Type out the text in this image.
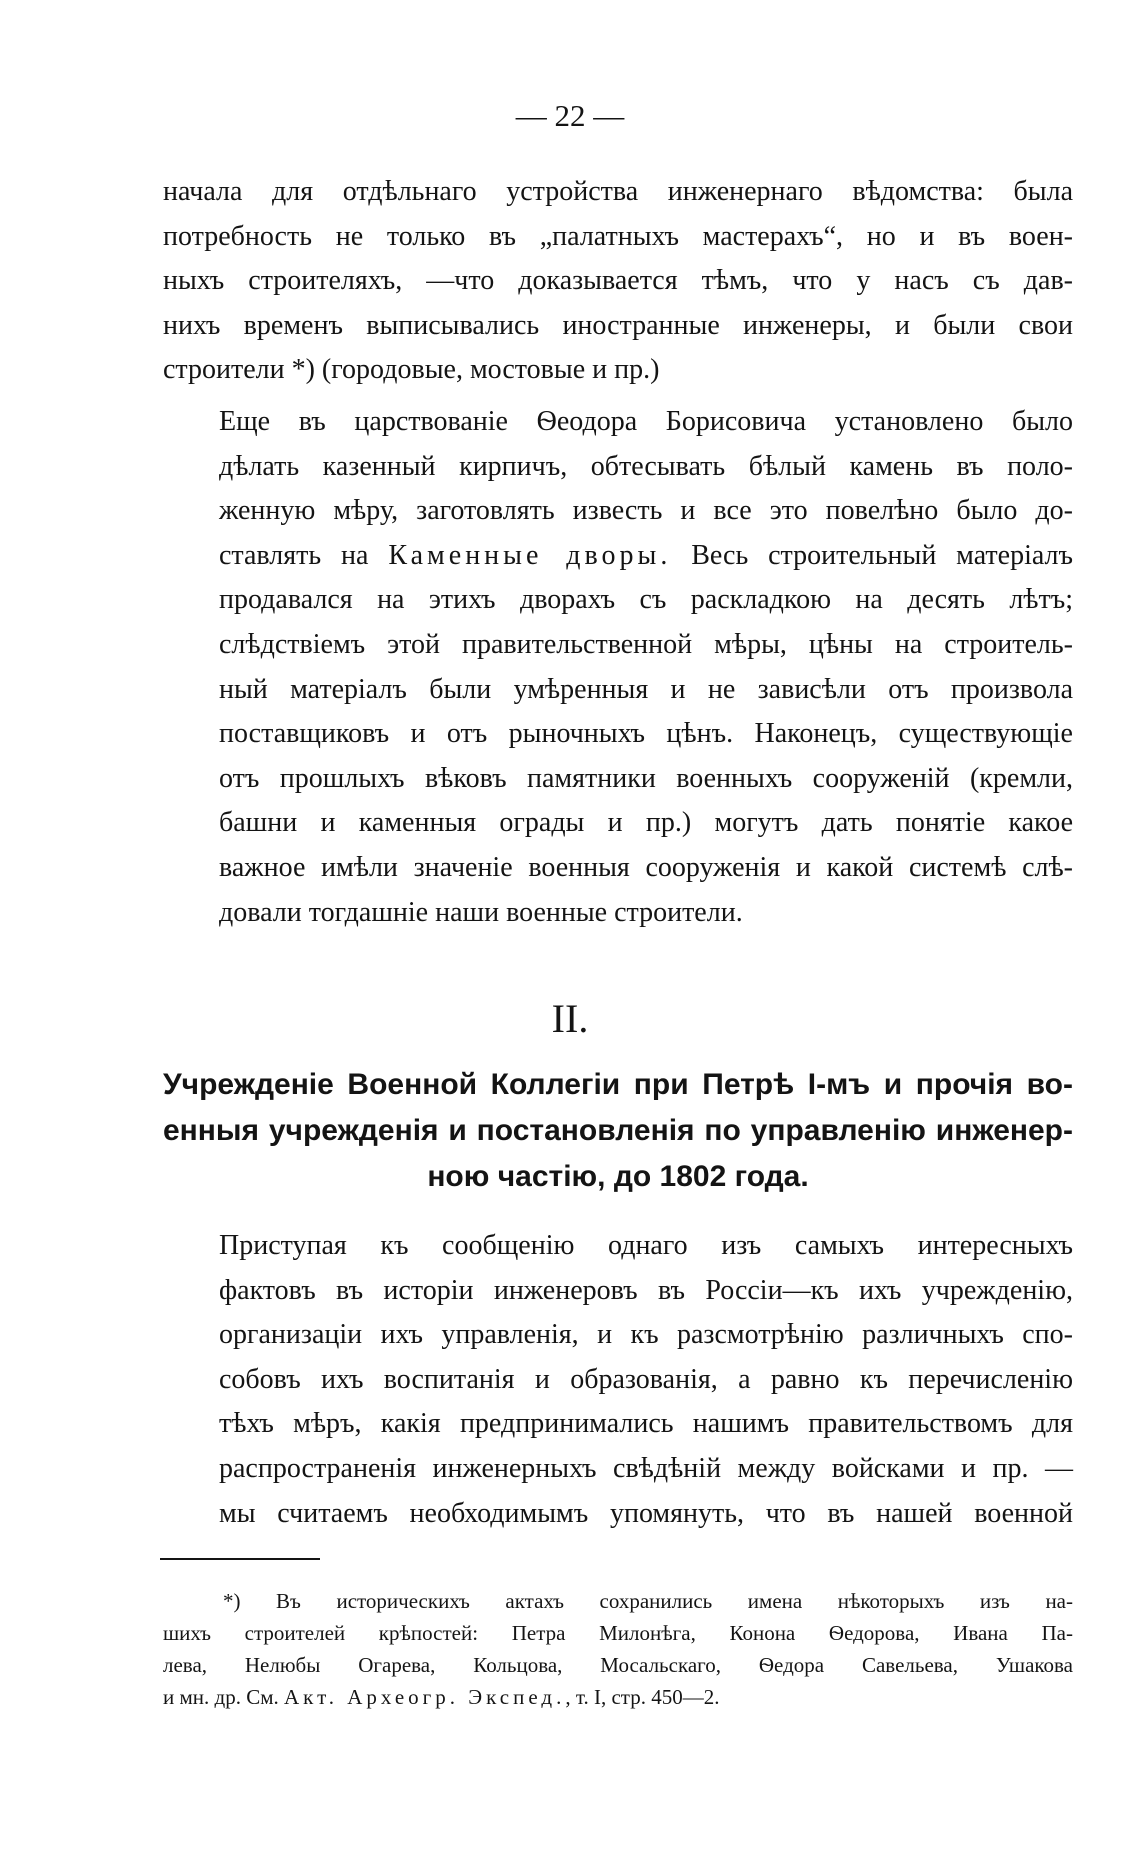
— 22 —
начала для отдѣльнаго устройства инженернаго вѣдомства: была
потребность не только въ „палатныхъ мастерахъ“, но и въ воен-
ныхъ строителяхъ, —что доказывается тѣмъ, что у насъ съ дав-
нихъ временъ выписывались иностранные инженеры, и были свои
строители *) (городовые, мостовые и пр.)
Еще въ царствованіе Ѳеодора Борисовича установлено было
дѣлать казенный кирпичъ, обтесывать бѣлый камень въ поло-
женную мѣру, заготовлять известь и все это повелѣно было до-
ставлять на Каменные дворы. Весь строительный матеріалъ
продавался на этихъ дворахъ съ раскладкою на десять лѣтъ;
слѣдствіемъ этой правительственной мѣры, цѣны на строитель-
ный матеріалъ были умѣренныя и не зависѣли отъ произвола
поставщиковъ и отъ рыночныхъ цѣнъ. Наконецъ, существующіе
отъ прошлыхъ вѣковъ памятники военныхъ сооруженій (кремли,
башни и каменныя ограды и пр.) могутъ дать понятіе какое
важное имѣли значеніе военныя сооруженія и какой системѣ слѣ-
довали тогдашніе наши военные строители.
II.
Учрежденіе Военной Коллегіи при Петрѣ I-мъ и прочія во-
енныя учрежденія и постановленія по управленію инженер-
ною частію, до 1802 года.
Приступая къ сообщенію однаго изъ самыхъ интересныхъ
фактовъ въ исторіи инженеровъ въ Россіи—къ ихъ учрежденію,
организаціи ихъ управленія, и къ разсмотрѣнію различныхъ спо-
собовъ ихъ воспитанія и образованія, а равно къ перечисленію
тѣхъ мѣръ, какія предпринимались нашимъ правительствомъ для
распространенія инженерныхъ свѣдѣній между войсками и пр. —
мы считаемъ необходимымъ упомянуть, что въ нашей военной
*) Въ историческихъ актахъ сохранились имена нѣкоторыхъ изъ на-
шихъ строителей крѣпостей: Петра Милонѣга, Конона Ѳедорова, Ивана Па-
лева, Нелюбы Огарева, Кольцова, Мосальскаго, Ѳедора Савельева, Ушакова
и мн. др. См. Акт. Археогр. Экспед., т. I, стр. 450—2.
